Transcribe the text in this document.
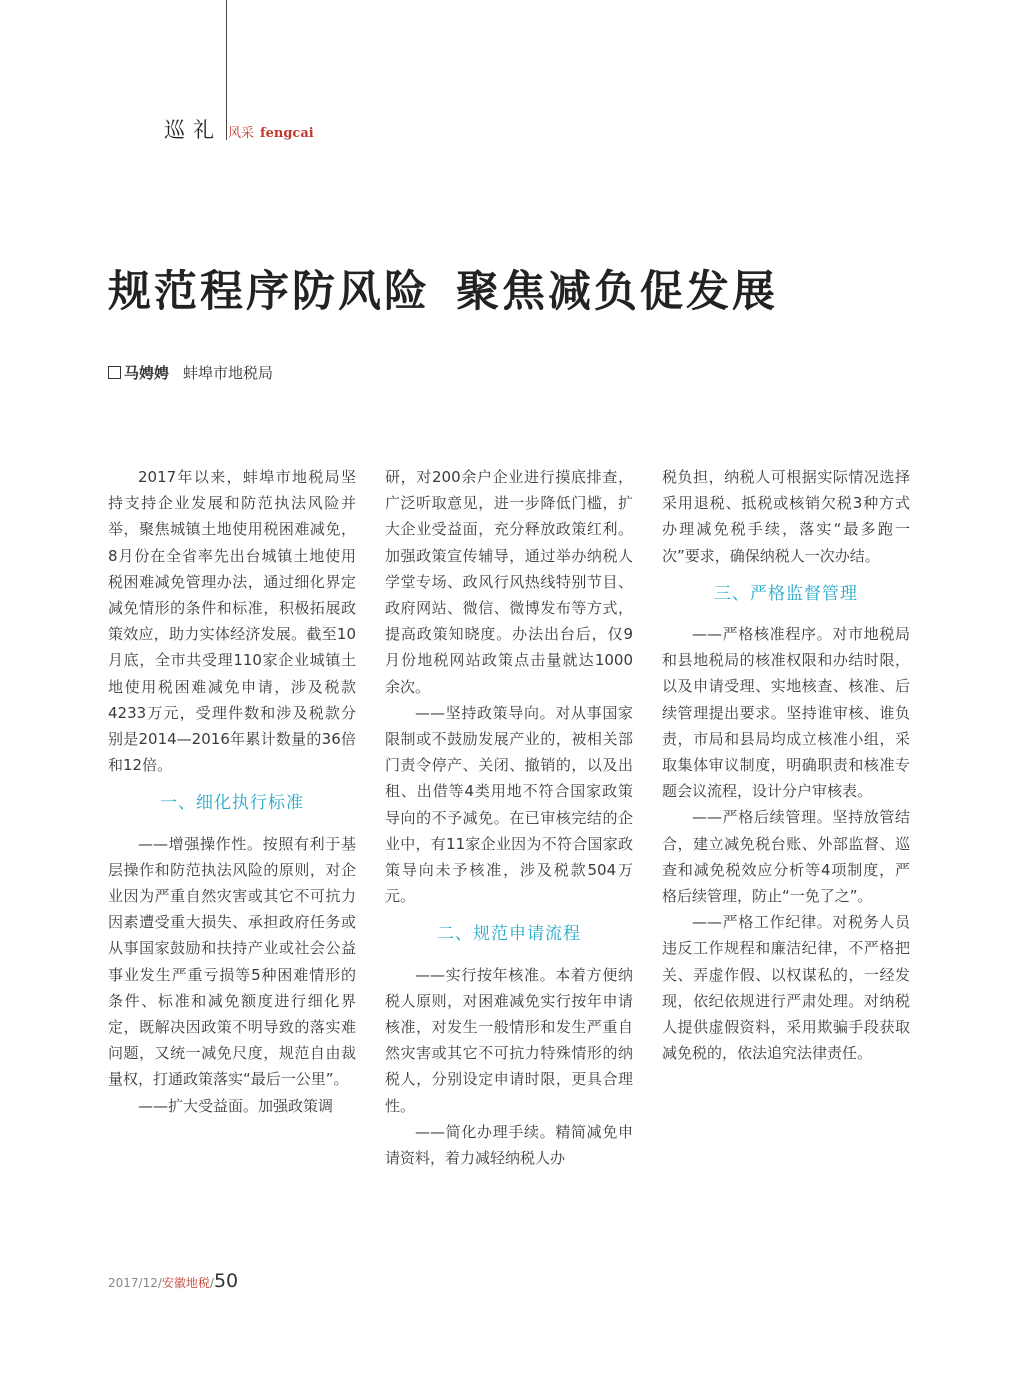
巡礼 风采 fengcai
规范程序防风险 聚焦减负促发展
马娉娉 蚌埠市地税局

2017年以来，蚌埠市地税局坚持支持企业发展和防范执法风险并举，聚焦城镇土地使用税困难减免，8月份在全省率先出台城镇土地使用税困难减免管理办法，通过细化界定减免情形的条件和标准，积极拓展政策效应，助力实体经济发展。截至10月底，全市共受理110家企业城镇土地使用税困难减免申请，涉及税款4233万元，受理件数和涉及税款分别是2014—2016年累计数量的36倍和12倍。

一、细化执行标准

——增强操作性。按照有利于基层操作和防范执法风险的原则，对企业因为严重自然灾害或其它不可抗力因素遭受重大损失、承担政府任务或从事国家鼓励和扶持产业或社会公益事业发生严重亏损等5种困难情形的条件、标准和减免额度进行细化界定，既解决因政策不明导致的落实难问题，又统一减免尺度，规范自由裁量权，打通政策落实“最后一公里”。

——扩大受益面。加强政策调

研，对200余户企业进行摸底排查，广泛听取意见，进一步降低门槛，扩大企业受益面，充分释放政策红利。加强政策宣传辅导，通过举办纳税人学堂专场、政风行风热线特别节目、政府网站、微信、微博发布等方式，提高政策知晓度。办法出台后，仅9月份地税网站政策点击量就达1000余次。

——坚持政策导向。对从事国家限制或不鼓励发展产业的，被相关部门责令停产、关闭、撤销的，以及出租、出借等4类用地不符合国家政策导向的不予减免。在已审核完结的企业中，有11家企业因为不符合国家政策导向未予核准，涉及税款504万元。

二、规范申请流程

——实行按年核准。本着方便纳税人原则，对困难减免实行按年申请核准，对发生一般情形和发生严重自然灾害或其它不可抗力特殊情形的纳税人，分别设定申请时限，更具合理性。

——简化办理手续。精简减免申请资料，着力减轻纳税人办

税负担，纳税人可根据实际情况选择采用退税、抵税或核销欠税3种方式办理减免税手续，落实“最多跑一次”要求，确保纳税人一次办结。

三、严格监督管理

——严格核准程序。对市地税局和县地税局的核准权限和办结时限，以及申请受理、实地核查、核准、后续管理提出要求。坚持谁审核、谁负责，市局和县局均成立核准小组，采取集体审议制度，明确职责和核准专题会议流程，设计分户审核表。

——严格后续管理。坚持放管结合，建立减免税台账、外部监督、巡查和减免税效应分析等4项制度，严格后续管理，防止“一免了之”。

——严格工作纪律。对税务人员违反工作规程和廉洁纪律，不严格把关、弄虚作假、以权谋私的，一经发现，依纪依规进行严肃处理。对纳税人提供虚假资料，采用欺骗手段获取减免税的，依法追究法律责任。

2017/12/安徽地税/50
